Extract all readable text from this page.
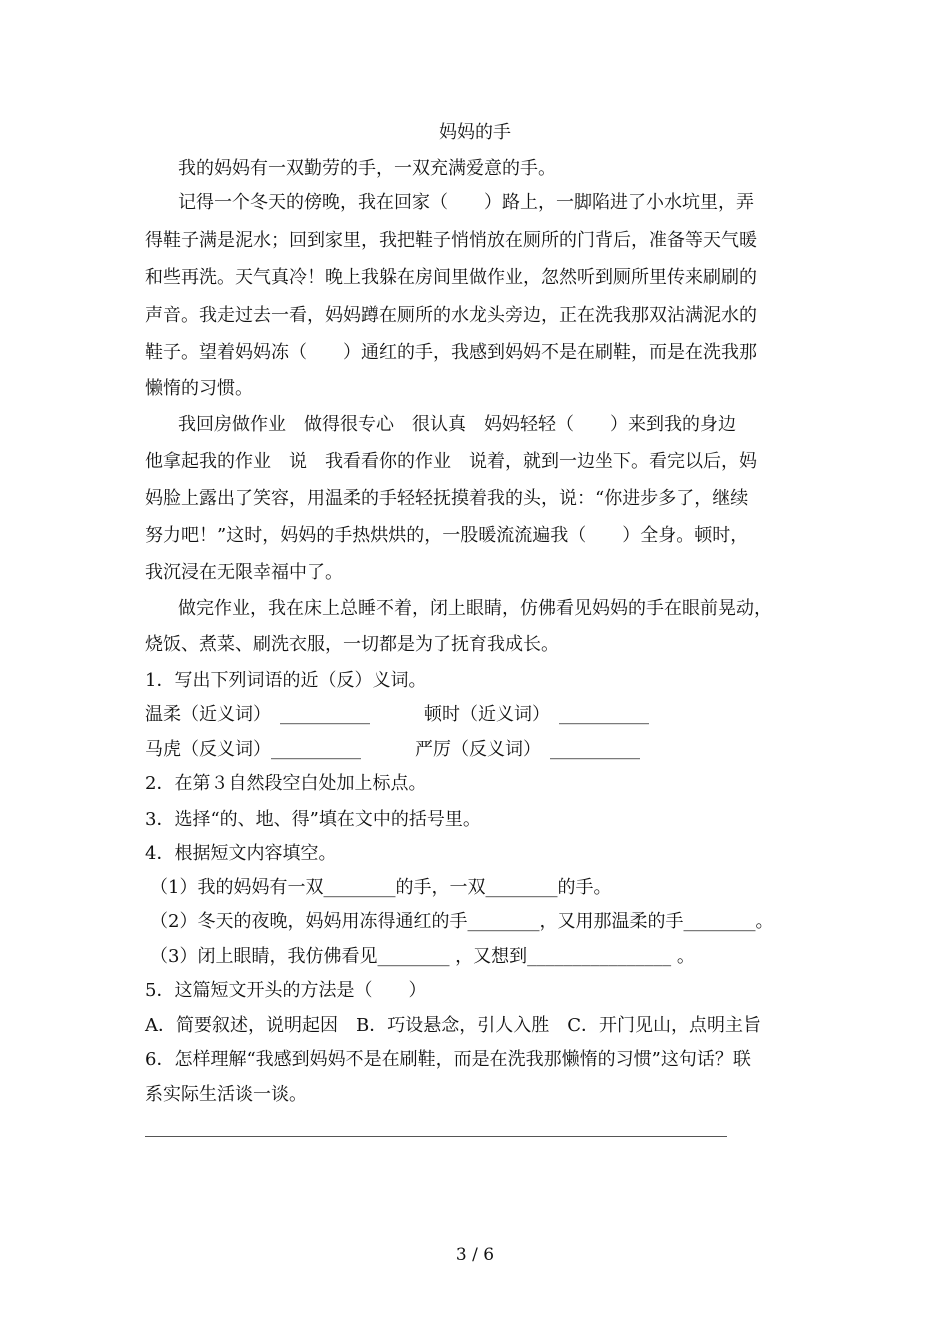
妈妈的手
我的妈妈有一双勤劳的手，一双充满爱意的手。
记得一个冬天的傍晚，我在回家（　　）路上，一脚陷进了小水坑里，弄
得鞋子满是泥水；回到家里，我把鞋子悄悄放在厕所的门背后，准备等天气暖
和些再洗。天气真冷！晚上我躲在房间里做作业，忽然听到厕所里传来刷刷的
声音。我走过去一看，妈妈蹲在厕所的水龙头旁边，正在洗我那双沾满泥水的
鞋子。望着妈妈冻（　　）通红的手，我感到妈妈不是在刷鞋，而是在洗我那
懒惰的习惯。
我回房做作业　做得很专心　很认真　妈妈轻轻（　　）来到我的身边
他拿起我的作业　说　我看看你的作业　说着，就到一边坐下。看完以后，妈
妈脸上露出了笑容，用温柔的手轻轻抚摸着我的头，说：“你进步多了，继续
努力吧！”这时，妈妈的手热烘烘的，一股暖流流遍我（　　）全身。顿时，
我沉浸在无限幸福中了。
做完作业，我在床上总睡不着，闭上眼睛，仿佛看见妈妈的手在眼前晃动，
烧饭、煮菜、刷洗衣服，一切都是为了抚育我成长。
1．写出下列词语的近（反）义词。
温柔（近义词）　__________　　　顿时（近义词）　__________
马虎（反义词）__________　　　严厉（反义词）　__________
2．在第３自然段空白处加上标点。
3．选择“的、地、得”填在文中的括号里。
4．根据短文内容填空。
（1）我的妈妈有一双________的手，一双________的手。
（2）冬天的夜晚，妈妈用冻得通红的手________，又用那温柔的手________。
（3）闭上眼睛，我仿佛看见________ ，又想到________________ 。
5．这篇短文开头的方法是（　　）
A．简要叙述，说明起因　B．巧设悬念，引人入胜　C．开门见山，点明主旨
6．怎样理解“我感到妈妈不是在刷鞋，而是在洗我那懒惰的习惯”这句话？联
系实际生活谈一谈。
3 / 6
